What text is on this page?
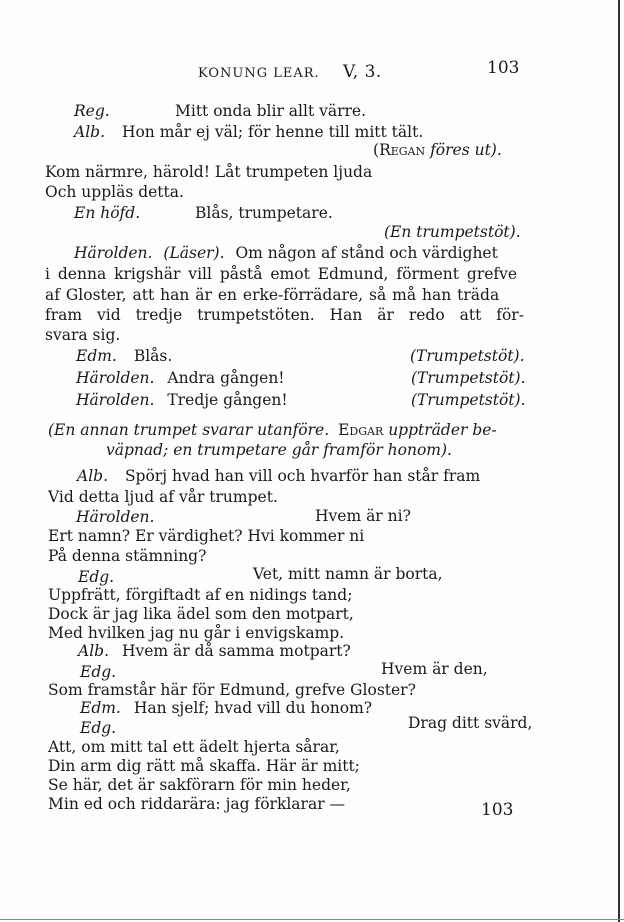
KONUNG LEAR. V, 3.	103
Reg.	Mitt onda blir allt värre.
Alb. Hon mår ej väl; för henne till mitt tält.
(Regan föres ut).
Kom närmre, härold! Låt trumpeten ljuda
Och uppläs detta.
En höfd.	Blås, trumpetare.
(En trumpetstöt).
Härolden. (Läser). Om någon af stånd och värdighet
i denna krigshär vill påstå emot Edmund, förment grefve
af Gloster, att han är en erke-förrädare, så må han träda
fram vid tredje trumpetstöten. Han är redo att för-
svara sig.
Edm. Blås.	(Trumpetstöt).
Härolden. Andra gången!	(Trumpetstöt).
Härolden. Tredje gången!	(Trumpetstöt).
(En annan trumpet svarar utanföre. Edgar uppträder be-
väpnad; en trumpetare går framför honom).
Alb. Spörj hvad han vill och hvarför han står fram
Vid detta ljud af vår trumpet.
Härolden.	Hvem är ni?
Ert namn? Er värdighet? Hvi kommer ni
På denna stämning?
Edg.	Vet, mitt namn är borta,
Uppfrätt, förgiftadt af en nidings tand;
Dock är jag lika ädel som den motpart,
Med hvilken jag nu går i envigskamp.
Alb. Hvem är då samma motpart?
Edg.	Hvem är den,
Som framstår här för Edmund, grefve Gloster?
Edm. Han sjelf; hvad vill du honom?
Edg.	Drag ditt svärd,
Att, om mitt tal ett ädelt hjerta sårar,
Din arm dig rätt må skaffa. Här är mitt;
Se här, det är sakförarn för min heder,
Min ed och riddarära: jag förklarar —	103
